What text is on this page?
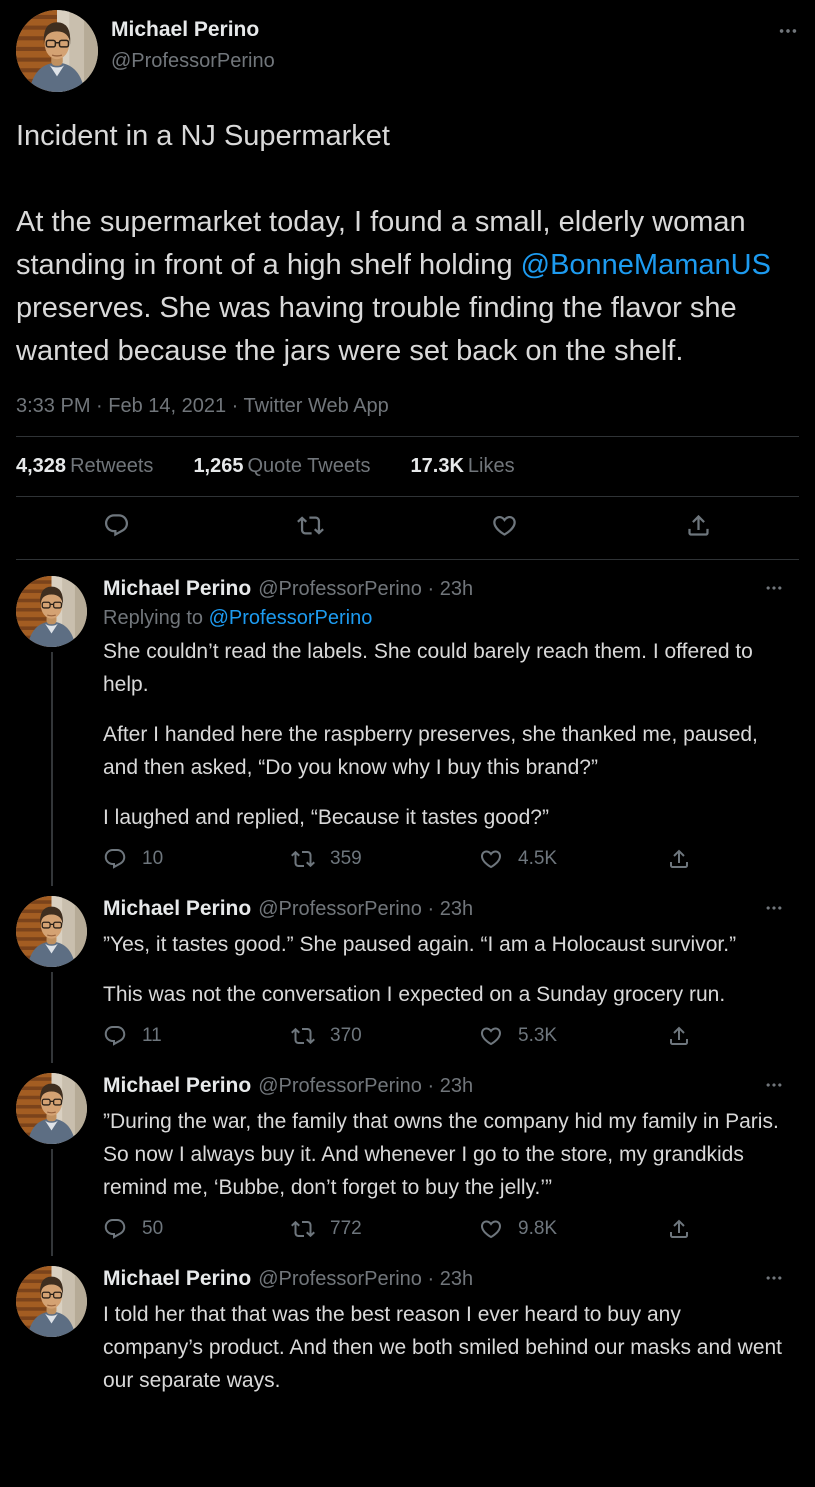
Michael Perino
@ProfessorPerino

Incident in a NJ Supermarket

At the supermarket today, I found a small, elderly woman standing in front of a high shelf holding @BonneMamanUS preserves. She was having trouble finding the flavor she wanted because the jars were set back on the shelf.

3:33 PM · Feb 14, 2021 · Twitter Web App
4,328 Retweets 1,265 Quote Tweets 17.3K Likes
Michael Perino @ProfessorPerino · 23h
Replying to @ProfessorPerino

She couldn’t read the labels. She could barely reach them. I offered to help.

After I handed here the raspberry preserves, she thanked me, paused, and then asked, “Do you know why I buy this brand?”

I laughed and replied, “Because it tastes good?”

10	359	4.5K
Michael Perino @ProfessorPerino · 23h

”Yes, it tastes good.” She paused again. “I am a Holocaust survivor.”

This was not the conversation I expected on a Sunday grocery run.

11	370	5.3K
Michael Perino @ProfessorPerino · 23h

”During the war, the family that owns the company hid my family in Paris. So now I always buy it. And whenever I go to the store, my grandkids remind me, ‘Bubbe, don’t forget to buy the jelly.’”

50	772	9.8K
Michael Perino @ProfessorPerino · 23h

I told her that that was the best reason I ever heard to buy any company’s product. And then we both smiled behind our masks and went our separate ways.
